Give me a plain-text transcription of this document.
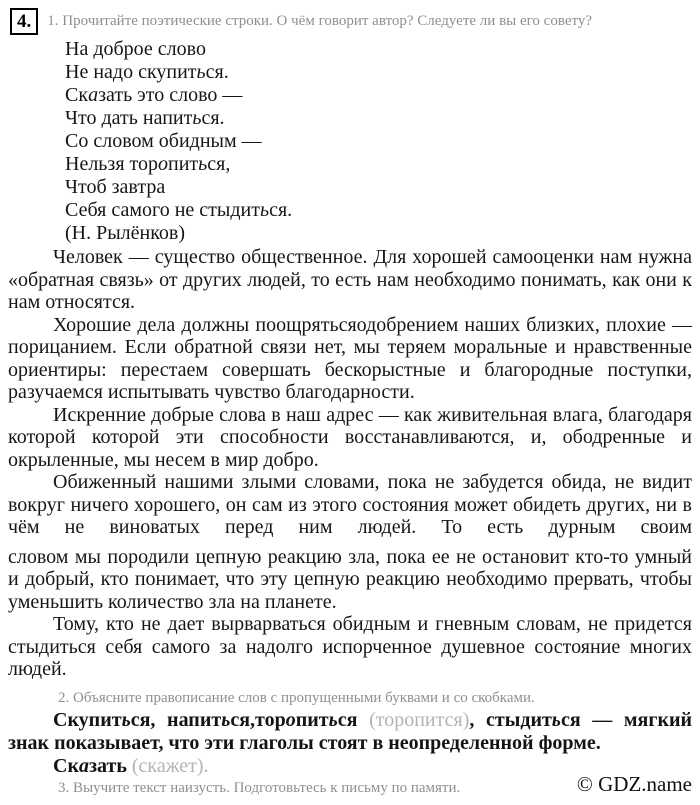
4.	1. Прочитайте поэтические строки. О чём говорит автор? Следуете ли вы его совету?
На доброе слово
Не надо скупиться.
Сказать это слово —
Что дать напиться.
Со словом обидным —
Нельзя торопиться,
Чтоб завтра
Себя самого не стыдиться.
(Н. Рылёнков)

Человек — существо общественное. Для хорошей самооценки нам нужна «обратная связь» от других людей, то есть нам необходимо понимать, как они к нам относятся.

Хорошие дела должны поощрятьсяодобрением наших близких, плохие — порицанием. Если обратной связи нет, мы теряем моральные и нравственные ориентиры: перестаем совершать бескорыстные и благородные поступки, разучаемся испытывать чувство благодарности.

Искренние добрые слова в наш адрес — как живительная влага, благодаря которой которой эти способности восстанавливаются, и, ободренные и окрыленные, мы несем в мир добро.

Обиженный нашими злыми словами, пока не забудется обида, не видит вокруг ничего хорошего, он сам из этого состояния может обидеть других, ни в чём не виноватых перед ним людей. То есть дурным своим

словом мы породили цепную реакцию зла, пока ее не остановит кто-то умный и добрый, кто понимает, что эту цепную реакцию необходимо прервать, чтобы уменьшить количество зла на планете.

Тому, кто не дает вырварваться обидным и гневным словам, не придется стыдиться себя самого за надолго испорченное душевное состояние многих людей.

2. Объясните правописание слов с пропущенными буквами и со скобками.

Скупиться, напиться,торопиться (торопится), стыдиться — мягкий знак показывает, что эти глаголы стоят в неопределенной форме.

Сказать (скажет).

3. Выучите текст наизусть. Подготовьтесь к письму по памяти.	© GDZ.name
